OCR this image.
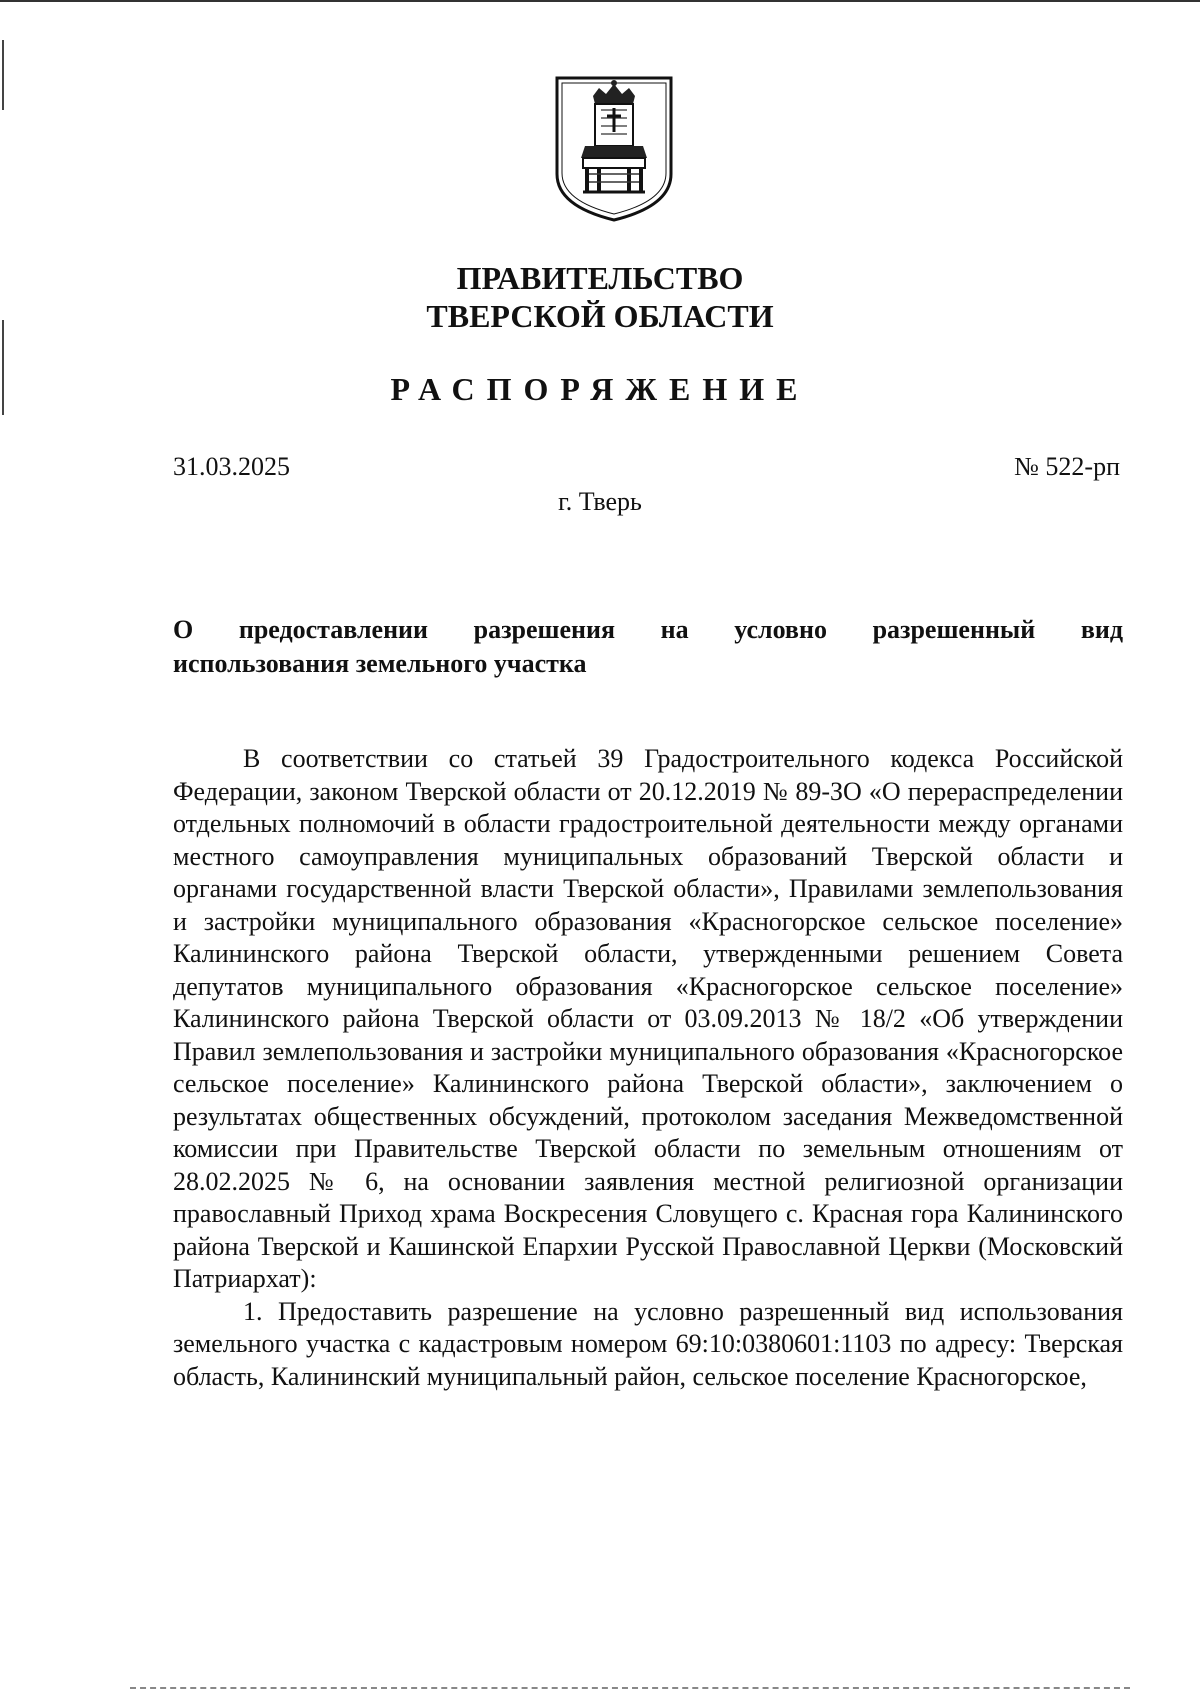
ПРАВИТЕЛЬСТВО
ТВЕРСКОЙ ОБЛАСТИ
РАСПОРЯЖЕНИЕ
31.03.2025	№ 522-рп
г. Тверь
О предоставлении разрешения на условно разрешенный вид
использования земельного участка

В соответствии со статьей 39 Градостроительного кодекса Российской Федерации, законом Тверской области от 20.12.2019 № 89-ЗО «О перераспределении отдельных полномочий в области градостроительной деятельности между органами местного самоуправления муниципальных образований Тверской области и органами государственной власти Тверской области», Правилами землепользования и застройки муниципального образования «Красногорское сельское поселение» Калининского района Тверской области, утвержденными решением Совета депутатов муниципального образования «Красногорское сельское поселение» Калининского района Тверской области от 03.09.2013 № 18/2 «Об утверждении Правил землепользования и застройки муниципального образования «Красногорское сельское поселение» Калининского района Тверской области», заключением о результатах общественных обсуждений, протоколом заседания Межведомственной комиссии при Правительстве Тверской области по земельным отношениям от 28.02.2025 № 6, на основании заявления местной религиозной организации православный Приход храма Воскресения Словущего с. Красная гора Калининского района Тверской и Кашинской Епархии Русской Православной Церкви (Московский Патриархат):

1. Предоставить разрешение на условно разрешенный вид использования земельного участка с кадастровым номером 69:10:0380601:1103 по адресу: Тверская область, Калининский муниципальный район, сельское поселение Красногорское,
